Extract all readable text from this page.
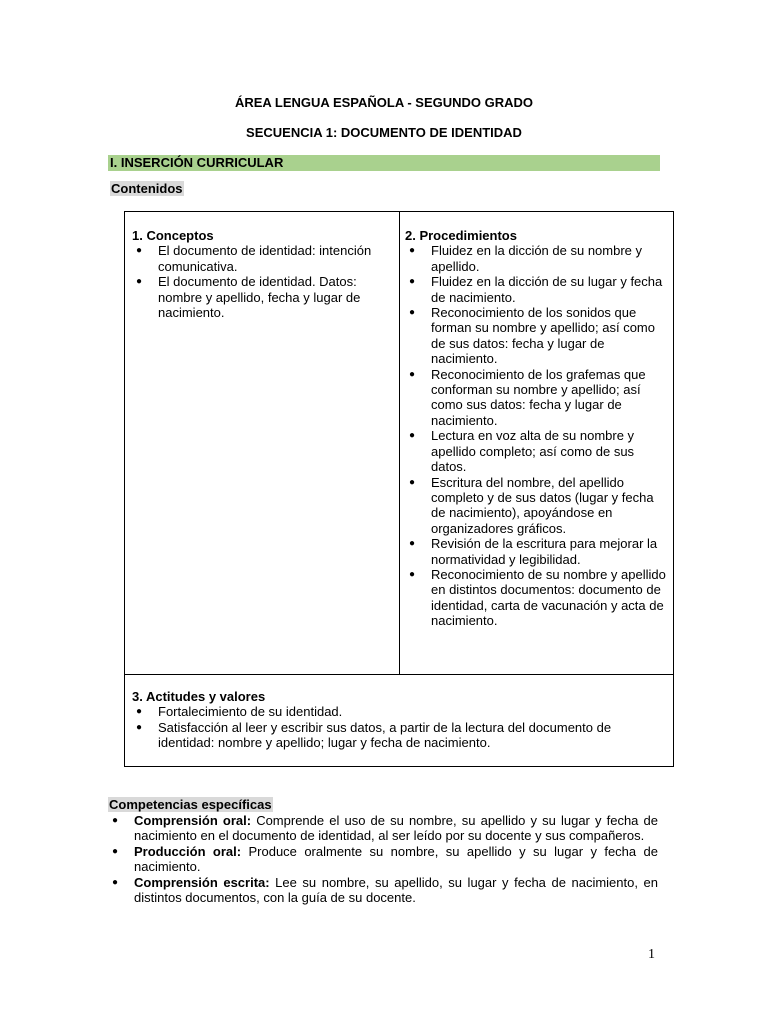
ÁREA LENGUA ESPAÑOLA - SEGUNDO GRADO
SECUENCIA 1: DOCUMENTO DE IDENTIDAD
I. INSERCIÓN CURRICULAR
Contenidos
1. Conceptos
● El documento de identidad: intención comunicativa.
● El documento de identidad. Datos: nombre y apellido, fecha y lugar de nacimiento.
2. Procedimientos
● Fluidez en la dicción de su nombre y apellido.
● Fluidez en la dicción de su lugar y fecha de nacimiento.
● Reconocimiento de los sonidos que forman su nombre y apellido; así como de sus datos: fecha y lugar de nacimiento.
● Reconocimiento de los grafemas que conforman su nombre y apellido; así como sus datos: fecha y lugar de nacimiento.
● Lectura en voz alta de su nombre y apellido completo; así como de sus datos.
● Escritura del nombre, del apellido completo y de sus datos (lugar y fecha de nacimiento), apoyándose en organizadores gráficos.
● Revisión de la escritura para mejorar la normatividad y legibilidad.
● Reconocimiento de su nombre y apellido en distintos documentos: documento de identidad, carta de vacunación y acta de nacimiento.
3. Actitudes y valores
● Fortalecimiento de su identidad.
● Satisfacción al leer y escribir sus datos, a partir de la lectura del documento de identidad: nombre y apellido; lugar y fecha de nacimiento.
Competencias específicas
● Comprensión oral: Comprende el uso de su nombre, su apellido y su lugar y fecha de nacimiento en el documento de identidad, al ser leído por su docente y sus compañeros.
● Producción oral: Produce oralmente su nombre, su apellido y su lugar y fecha de nacimiento.
● Comprensión escrita: Lee su nombre, su apellido, su lugar y fecha de nacimiento, en distintos documentos, con la guía de su docente.
1
